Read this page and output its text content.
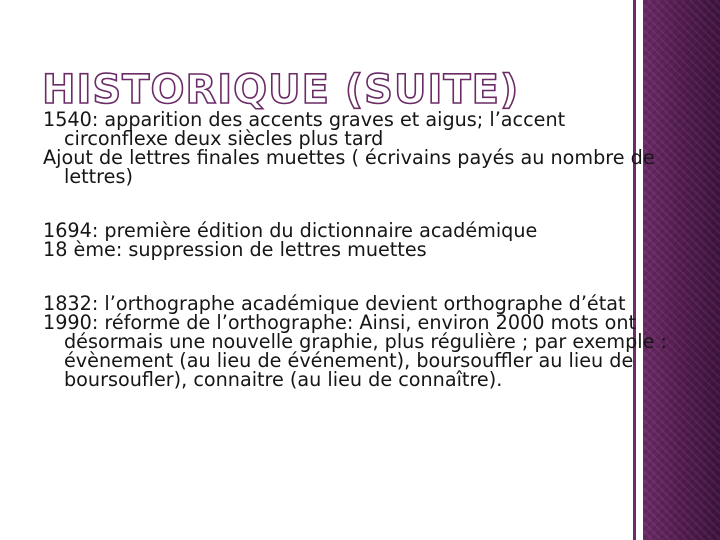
HISTORIQUE (SUITE)

1540: apparition des accents graves et aigus; l’accent circonflexe deux siècles plus tard

Ajout de lettres finales muettes ( écrivains payés au nombre de lettres)

1694: première édition du dictionnaire académique

18 ème: suppression de lettres muettes

1832: l’orthographe académique devient orthographe d’état

1990: réforme de l’orthographe: Ainsi, environ 2000 mots ont désormais une nouvelle graphie, plus régulière ; par exemple : évènement (au lieu de événement), boursouffler au lieu de boursoufler), connaitre (au lieu de connaître).
